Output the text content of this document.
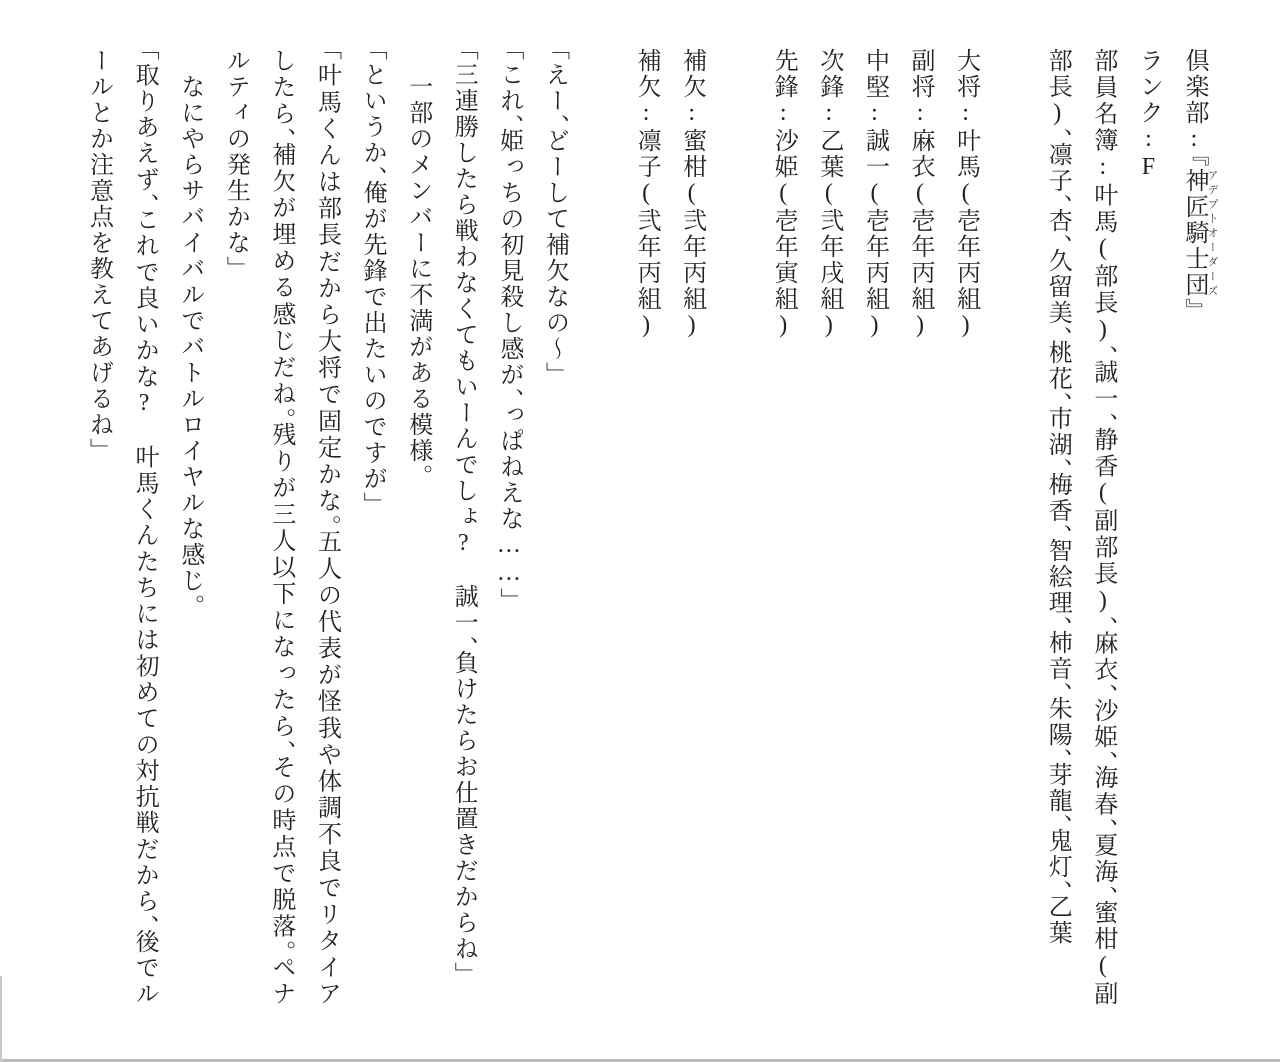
倶楽部:『神匠騎士団 アデプトオーダーズ』

ランク:F

部員名簿:叶馬(部長)、誠一、静香(副部長)、麻衣、沙姫、海春、夏海、蜜柑(副部長)、凛子、杏、久留美、桃花、市湖、梅香、智絵理、柿音、朱陽、芽龍、鬼灯、乙葉

大将:叶馬(壱年丙組)

副将:麻衣(壱年丙組)

中堅:誠一(壱年丙組)

次鋒:乙葉(弐年戌組)

先鋒:沙姫(壱年寅組)

補欠:蜜柑(弐年丙組)

補欠:凛子(弐年丙組)

「えー、どーして補欠なの〜」

「これ、姫っちの初見殺し感が、っぱねえな……」

「三連勝したら戦わなくてもいーんでしょ?　誠一、負けたらお仕置きだからね」

　一部のメンバーに不満がある模様。

「というか、俺が先鋒で出たいのですが」

「叶馬くんは部長だから大将で固定かな。五人の代表が怪我や体調不良でリタイアしたら、補欠が埋める感じだね。残りが三人以下になったら、その時点で脱落。ペナルティの発生かな」

　なにやらサバイバルでバトルロイヤルな感じ。

「取りあえず、これで良いかな?　叶馬くんたちには初めての対抗戦だから、後でルールとか注意点を教えてあげるね」
